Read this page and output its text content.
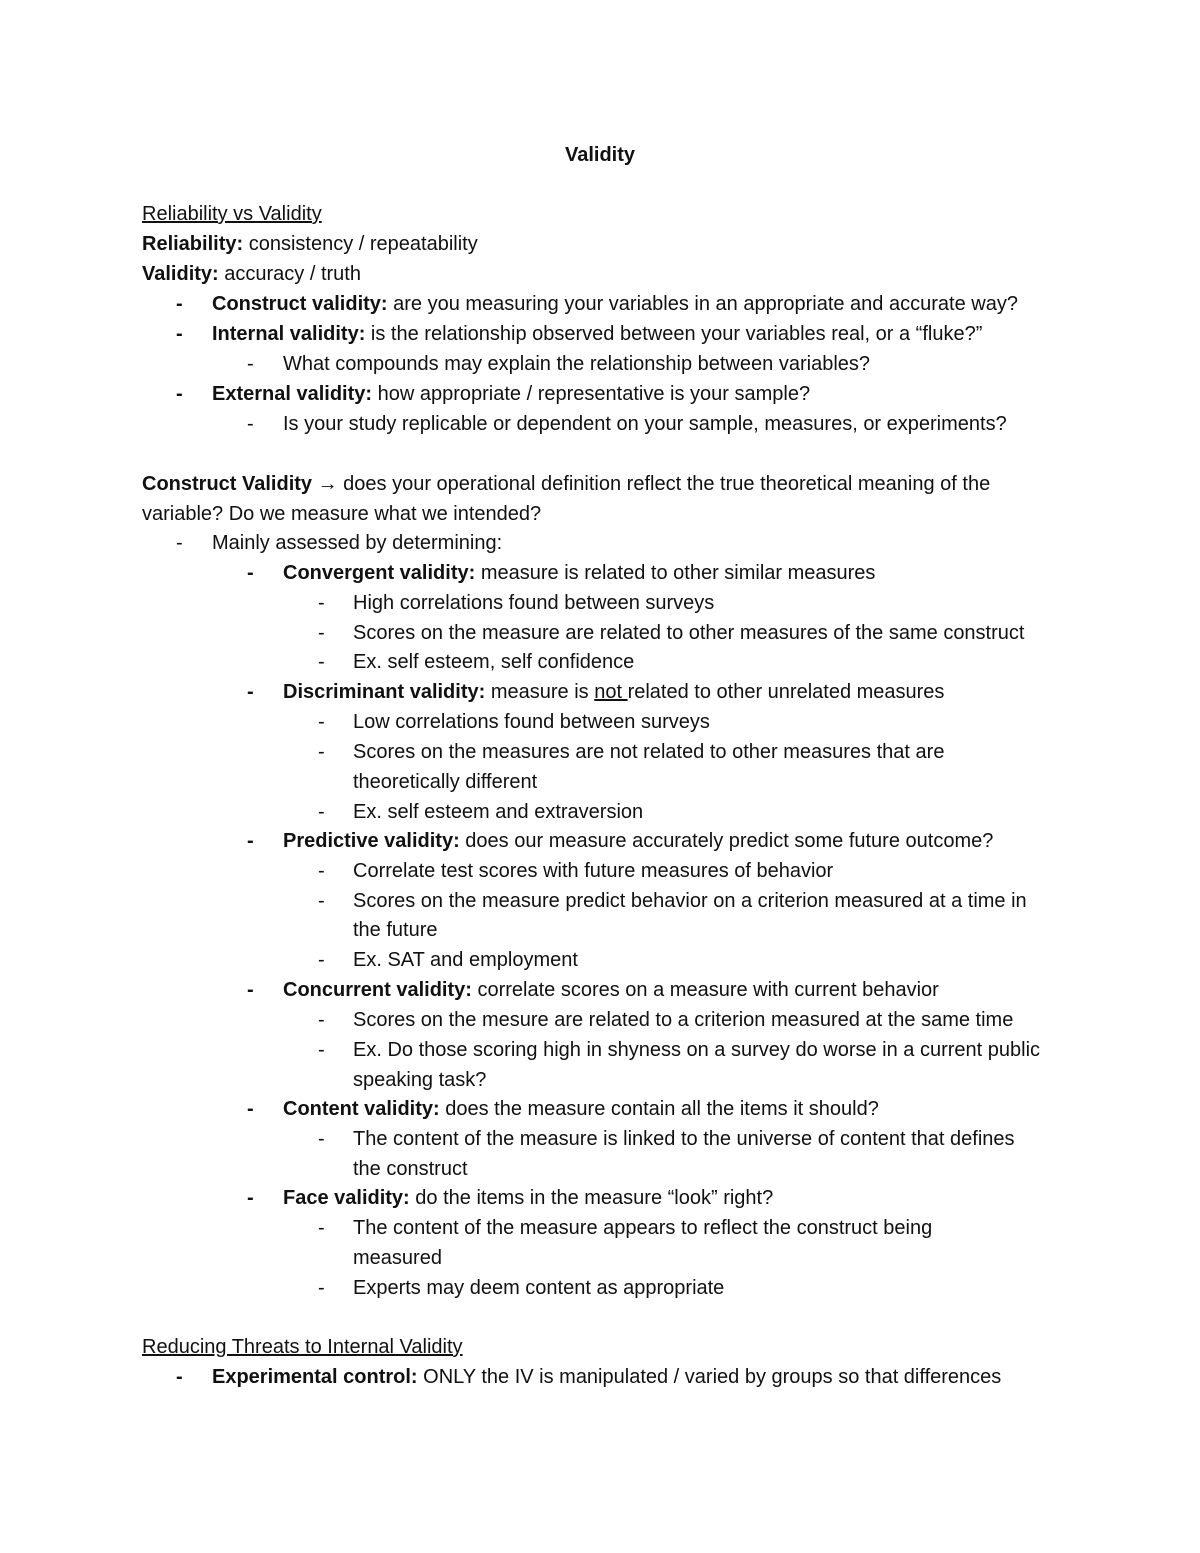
Validity
Reliability vs Validity
Reliability: consistency / repeatability
Validity: accuracy / truth
- Construct validity: are you measuring your variables in an appropriate and accurate way?
- Internal validity: is the relationship observed between your variables real, or a “fluke?”
- What compounds may explain the relationship between variables?
- External validity: how appropriate / representative is your sample?
- Is your study replicable or dependent on your sample, measures, or experiments?
Construct Validity → does your operational definition reflect the true theoretical meaning of the
variable? Do we measure what we intended?
- Mainly assessed by determining:
- Convergent validity: measure is related to other similar measures
- High correlations found between surveys
- Scores on the measure are related to other measures of the same construct
- Ex. self esteem, self confidence
- Discriminant validity: measure is not related to other unrelated measures
- Low correlations found between surveys
- Scores on the measures are not related to other measures that are
theoretically different
- Ex. self esteem and extraversion
- Predictive validity: does our measure accurately predict some future outcome?
- Correlate test scores with future measures of behavior
- Scores on the measure predict behavior on a criterion measured at a time in
the future
- Ex. SAT and employment
- Concurrent validity: correlate scores on a measure with current behavior
- Scores on the mesure are related to a criterion measured at the same time
- Ex. Do those scoring high in shyness on a survey do worse in a current public
speaking task?
- Content validity: does the measure contain all the items it should?
- The content of the measure is linked to the universe of content that defines
the construct
- Face validity: do the items in the measure “look” right?
- The content of the measure appears to reflect the construct being
measured
- Experts may deem content as appropriate
Reducing Threats to Internal Validity
- Experimental control: ONLY the IV is manipulated / varied by groups so that differences
